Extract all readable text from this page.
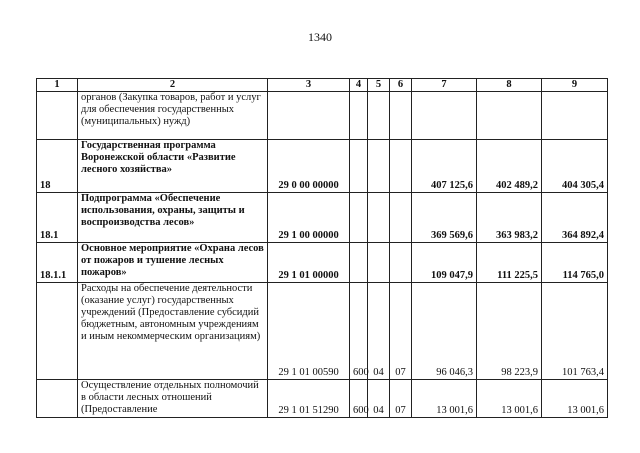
1340
1	2	3	4	5	6	7	8	9
	органов (Закупка товаров, работ и услуг для обеспечения государственных (муниципальных) нужд)							
18	Государственная программа Воронежской области «Развитие лесного хозяйства»	29 0 00 00000				407 125,6	402 489,2	404 305,4
18.1	Подпрограмма «Обеспечение использования, охраны, защиты и воспроизводства лесов»	29 1 00 00000				369 569,6	363 983,2	364 892,4
18.1.1	Основное мероприятие «Охрана лесов от пожаров и тушение лесных пожаров»	29 1 01 00000				109 047,9	111 225,5	114 765,0
	Расходы на обеспечение деятельности (оказание услуг) государственных учреждений (Предоставление субсидий бюджетным, автономным учреждениям и иным некоммерческим организациям)	29 1 01 00590	600	04	07	96 046,3	98 223,9	101 763,4
	Осуществление отдельных полномочий в области лесных отношений (Предоставление	29 1 01 51290	600	04	07	13 001,6	13 001,6	13 001,6
